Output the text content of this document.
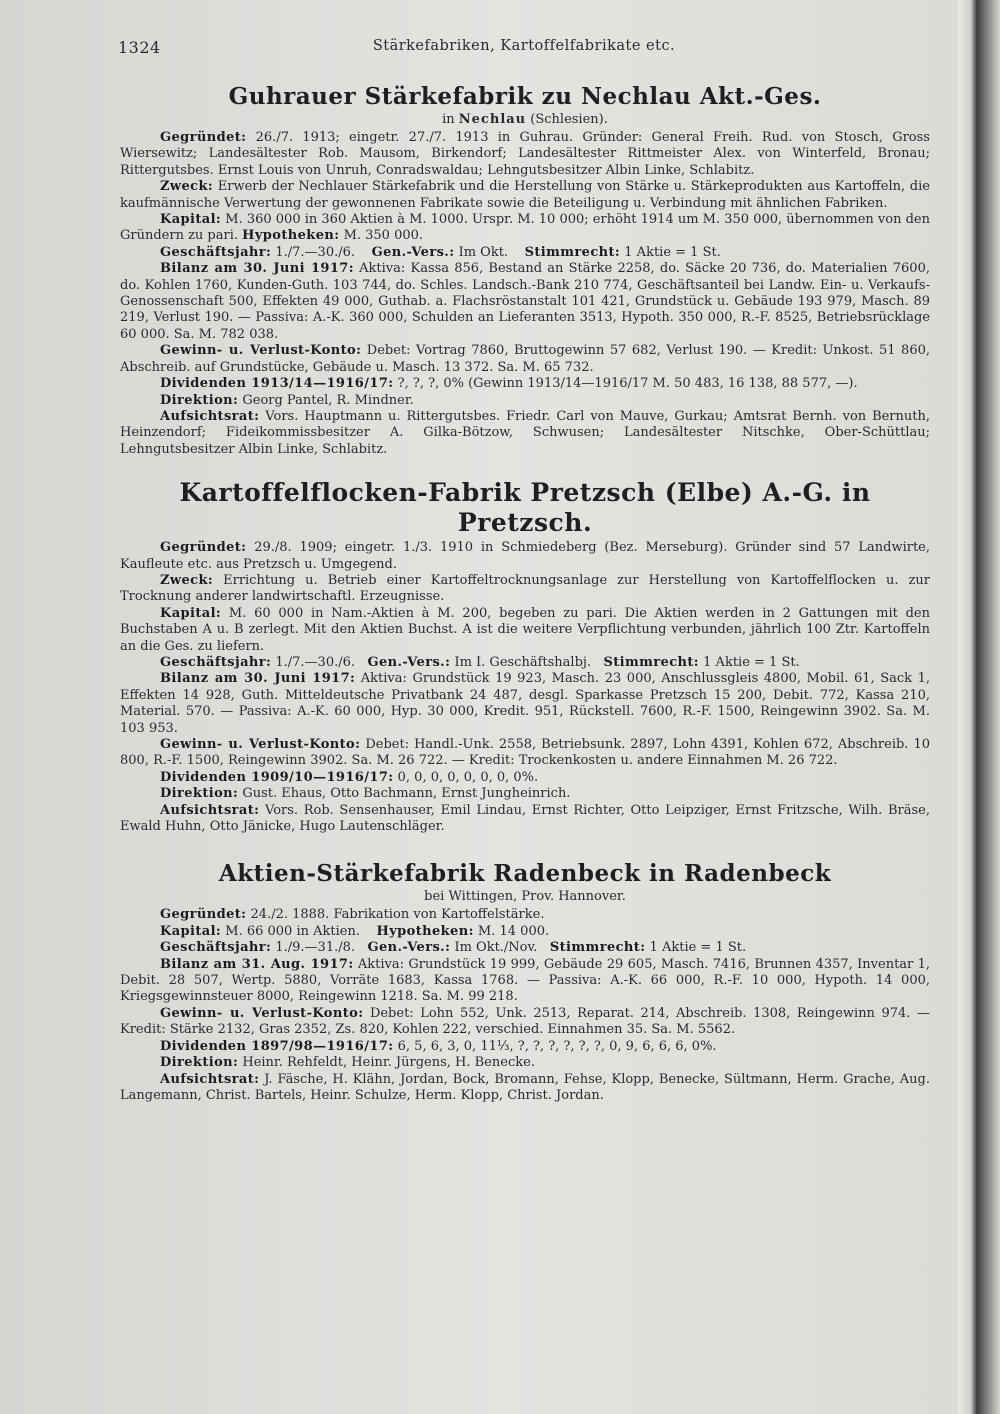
1324	Stärkefabriken, Kartoffelfabrikate etc.

Guhrauer Stärkefabrik zu Nechlau Akt.-Ges.

in Nechlau (Schlesien).

Gegründet: 26./7. 1913; eingetr. 27./7. 1913 in Guhrau. Gründer: General Freih. Rud. von Stosch, Gross Wiersewitz; Landesältester Rob. Mausom, Birkendorf; Landesältester Rittmeister Alex. von Winterfeld, Bronau; Rittergutsbes. Ernst Louis von Unruh, Conradswaldau; Lehngutsbesitzer Albin Linke, Schlabitz.

Zweck: Erwerb der Nechlauer Stärkefabrik und die Herstellung von Stärke u. Stärkeprodukten aus Kartoffeln, die kaufmännische Verwertung der gewonnenen Fabrikate sowie die Beteiligung u. Verbindung mit ähnlichen Fabriken.

Kapital: M. 360 000 in 360 Aktien à M. 1000. Urspr. M. 10 000; erhöht 1914 um M. 350 000, übernommen von den Gründern zu pari. Hypotheken: M. 350 000.

Geschäftsjahr: 1./7.—30./6. Gen.-Vers.: Im Okt. Stimmrecht: 1 Aktie = 1 St.

Bilanz am 30. Juni 1917: Aktiva: Kassa 856, Bestand an Stärke 2258, do. Säcke 20 736, do. Materialien 7600, do. Kohlen 1760, Kunden-Guth. 103 744, do. Schles. Landsch.-Bank 210 774, Geschäftsanteil bei Landw. Ein- u. Verkaufs-Genossenschaft 500, Effekten 49 000, Guthab. a. Flachsröstanstalt 101 421, Grundstück u. Gebäude 193 979, Masch. 89 219, Verlust 190. — Passiva: A.-K. 360 000, Schulden an Lieferanten 3513, Hypoth. 350 000, R.-F. 8525, Betriebsrücklage 60 000. Sa. M. 782 038.

Gewinn- u. Verlust-Konto: Debet: Vortrag 7860, Bruttogewinn 57 682, Verlust 190. — Kredit: Unkost. 51 860, Abschreib. auf Grundstücke, Gebäude u. Masch. 13 372. Sa. M. 65 732.

Dividenden 1913/14—1916/17: ?, ?, ?, 0% (Gewinn 1913/14—1916/17 M. 50 483, 16 138, 88 577, —).

Direktion: Georg Pantel, R. Mindner.

Aufsichtsrat: Vors. Hauptmann u. Rittergutsbes. Friedr. Carl von Mauve, Gurkau; Amtsrat Bernh. von Bernuth, Heinzendorf; Fideikommissbesitzer A. Gilka-Bötzow, Schwusen; Landesältester Nitschke, Ober-Schüttlau; Lehngutsbesitzer Albin Linke, Schlabitz.

Kartoffelflocken-Fabrik Pretzsch (Elbe) A.-G. in Pretzsch.

Gegründet: 29./8. 1909; eingetr. 1./3. 1910 in Schmiedeberg (Bez. Merseburg). Gründer sind 57 Landwirte, Kaufleute etc. aus Pretzsch u. Umgegend.

Zweck: Errichtung u. Betrieb einer Kartoffeltrocknungsanlage zur Herstellung von Kartoffelflocken u. zur Trocknung anderer landwirtschaftl. Erzeugnisse.

Kapital: M. 60 000 in Nam.-Aktien à M. 200, begeben zu pari. Die Aktien werden in 2 Gattungen mit den Buchstaben A u. B zerlegt. Mit den Aktien Buchst. A ist die weitere Verpflichtung verbunden, jährlich 100 Ztr. Kartoffeln an die Ges. zu liefern.

Geschäftsjahr: 1./7.—30./6. Gen.-Vers.: Im I. Geschäftshalbj. Stimmrecht: 1 Aktie = 1 St.

Bilanz am 30. Juni 1917: Aktiva: Grundstück 19 923, Masch. 23 000, Anschlussgleis 4800, Mobil. 61, Sack 1, Effekten 14 928, Guth. Mitteldeutsche Privatbank 24 487, desgl. Sparkasse Pretzsch 15 200, Debit. 772, Kassa 210, Material. 570. — Passiva: A.-K. 60 000, Hyp. 30 000, Kredit. 951, Rückstell. 7600, R.-F. 1500, Reingewinn 3902. Sa. M. 103 953.

Gewinn- u. Verlust-Konto: Debet: Handl.-Unk. 2558, Betriebsunk. 2897, Lohn 4391, Kohlen 672, Abschreib. 10 800, R.-F. 1500, Reingewinn 3902. Sa. M. 26 722. — Kredit: Trockenkosten u. andere Einnahmen M. 26 722.

Dividenden 1909/10—1916/17: 0, 0, 0, 0, 0, 0, 0, 0%.

Direktion: Gust. Ehaus, Otto Bachmann, Ernst Jungheinrich.

Aufsichtsrat: Vors. Rob. Sensenhauser, Emil Lindau, Ernst Richter, Otto Leipziger, Ernst Fritzsche, Wilh. Bräse, Ewald Huhn, Otto Jänicke, Hugo Lautenschläger.

Aktien-Stärkefabrik Radenbeck in Radenbeck

bei Wittingen, Prov. Hannover.

Gegründet: 24./2. 1888. Fabrikation von Kartoffelstärke.

Kapital: M. 66 000 in Aktien. Hypotheken: M. 14 000.

Geschäftsjahr: 1./9.—31./8. Gen.-Vers.: Im Okt./Nov. Stimmrecht: 1 Aktie = 1 St.

Bilanz am 31. Aug. 1917: Aktiva: Grundstück 19 999, Gebäude 29 605, Masch. 7416, Brunnen 4357, Inventar 1, Debit. 28 507, Wertp. 5880, Vorräte 1683, Kassa 1768. — Passiva: A.-K. 66 000, R.-F. 10 000, Hypoth. 14 000, Kriegsgewinnsteuer 8000, Reingewinn 1218. Sa. M. 99 218.

Gewinn- u. Verlust-Konto: Debet: Lohn 552, Unk. 2513, Reparat. 214, Abschreib. 1308, Reingewinn 974. — Kredit: Stärke 2132, Gras 2352, Zs. 820, Kohlen 222, verschied. Einnahmen 35. Sa. M. 5562.

Dividenden 1897/98—1916/17: 6, 5, 6, 3, 0, 11⅓, ?, ?, ?, ?, ?, ?, 0, 9, 6, 6, 6, 0%.

Direktion: Heinr. Rehfeldt, Heinr. Jürgens, H. Benecke.

Aufsichtsrat: J. Fäsche, H. Klähn, Jordan, Bock, Bromann, Fehse, Klopp, Benecke, Sültmann, Herm. Grache, Aug. Langemann, Christ. Bartels, Heinr. Schulze, Herm. Klopp, Christ. Jordan.
